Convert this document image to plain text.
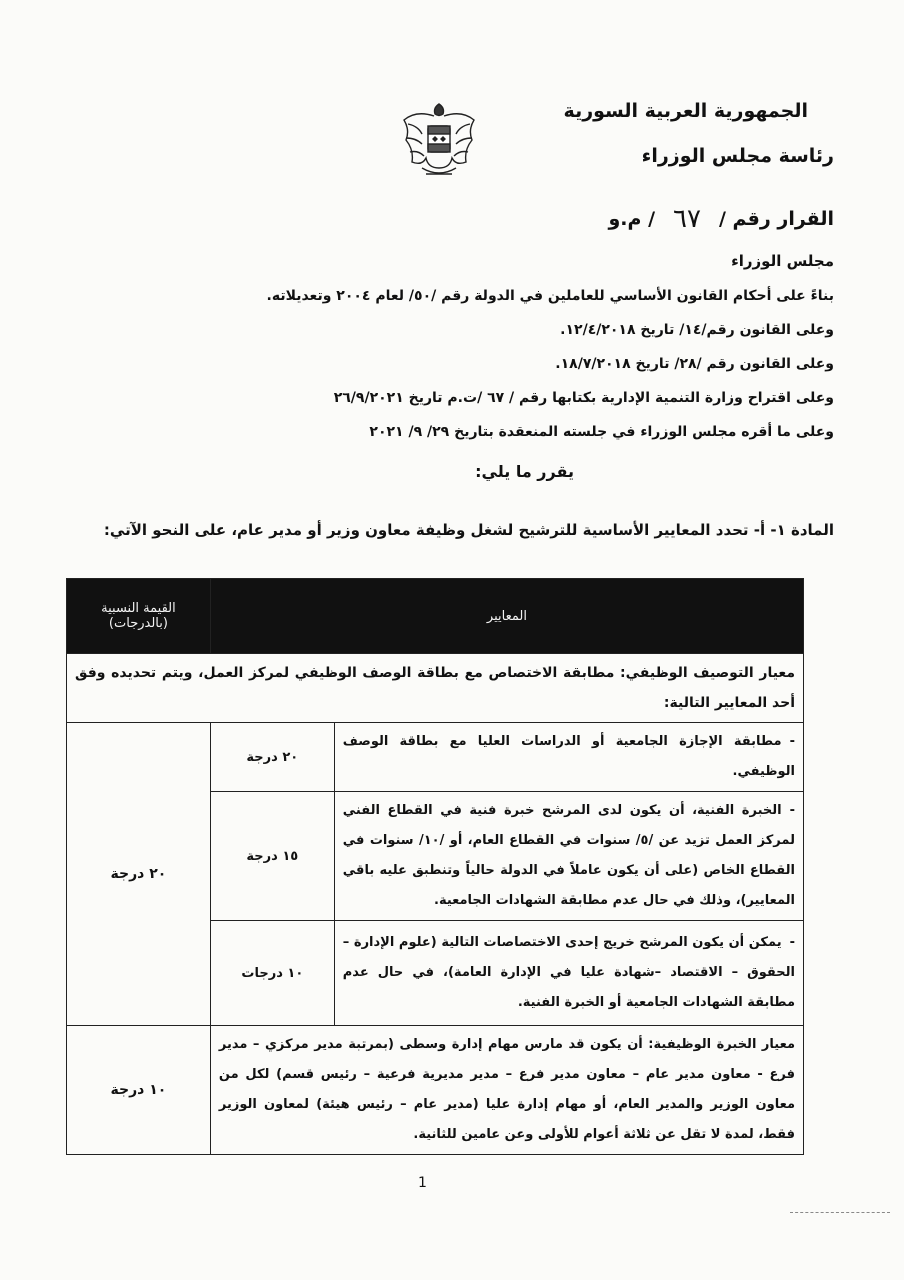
الجمهورية العربية السورية
رئاسة مجلس الوزراء
القرار رقم /
٦٧
/ م.و
مجلس الوزراء
بناءً على أحكام القانون الأساسي للعاملين في الدولة رقم /٥٠/ لعام ٢٠٠٤ وتعديلاته.
وعلى القانون رقم/١٤/ تاريخ ١٢/٤/٢٠١٨.
وعلى القانون رقم /٢٨/ تاريخ ١٨/٧/٢٠١٨.
وعلى اقتراح وزارة التنمية الإدارية بكتابها رقم / ٦٧ /ت.م تاريخ ٢٦/٩/٢٠٢١
وعلى ما أقره مجلس الوزراء في جلسته المنعقدة بتاريخ ٢٩/ ٩/ ٢٠٢١
يقرر ما يلي:
المادة ١- أ- تحدد المعايير الأساسية للترشيح لشغل وظيفة معاون وزير أو مدير عام، على النحو الآتي:
المعايير		القيمة النسبية
(بالدرجات)

معيار التوصيف الوظيفي: مطابقة الاختصاص مع بطاقة الوصف الوظيفي لمركز العمل، ويتم تحديده وفق أحد المعايير التالية:		
-مطابقة الإجازة الجامعية أو الدراسات العليا مع بطاقة الوصف الوظيفي.	٢٠ درجة	٢٠ درجة
-الخبرة الفنية، أن يكون لدى المرشح خبرة فنية في القطاع الفني لمركز العمل تزيد عن /٥/ سنوات في القطاع العام، أو /١٠/ سنوات في القطاع الخاص (على أن يكون عاملاً في الدولة حالياً وتنطبق عليه باقي المعايير)، وذلك في حال عدم مطابقة الشهادات الجامعية.	١٥ درجة	
-يمكن أن يكون المرشح خريج إحدى الاختصاصات التالية (علوم الإدارة – الحقوق – الاقتصاد –شهادة عليا في الإدارة العامة)، في حال عدم مطابقة الشهادات الجامعية أو الخبرة الفنية.	١٠ درجات	
معيار الخبرة الوظيفية: أن يكون قد مارس مهام إدارة وسطى (بمرتبة مدير مركزي – مدير فرع - معاون مدير عام – معاون مدير فرع – مدير مديرية فرعية – رئيس قسم) لكل من معاون الوزير والمدير العام، أو مهام إدارة عليا (مدير عام – رئيس هيئة) لمعاون الوزير فقط، لمدة لا تقل عن ثلاثة أعوام للأولى وعن عامين للثانية.		١٠ درجة
1
